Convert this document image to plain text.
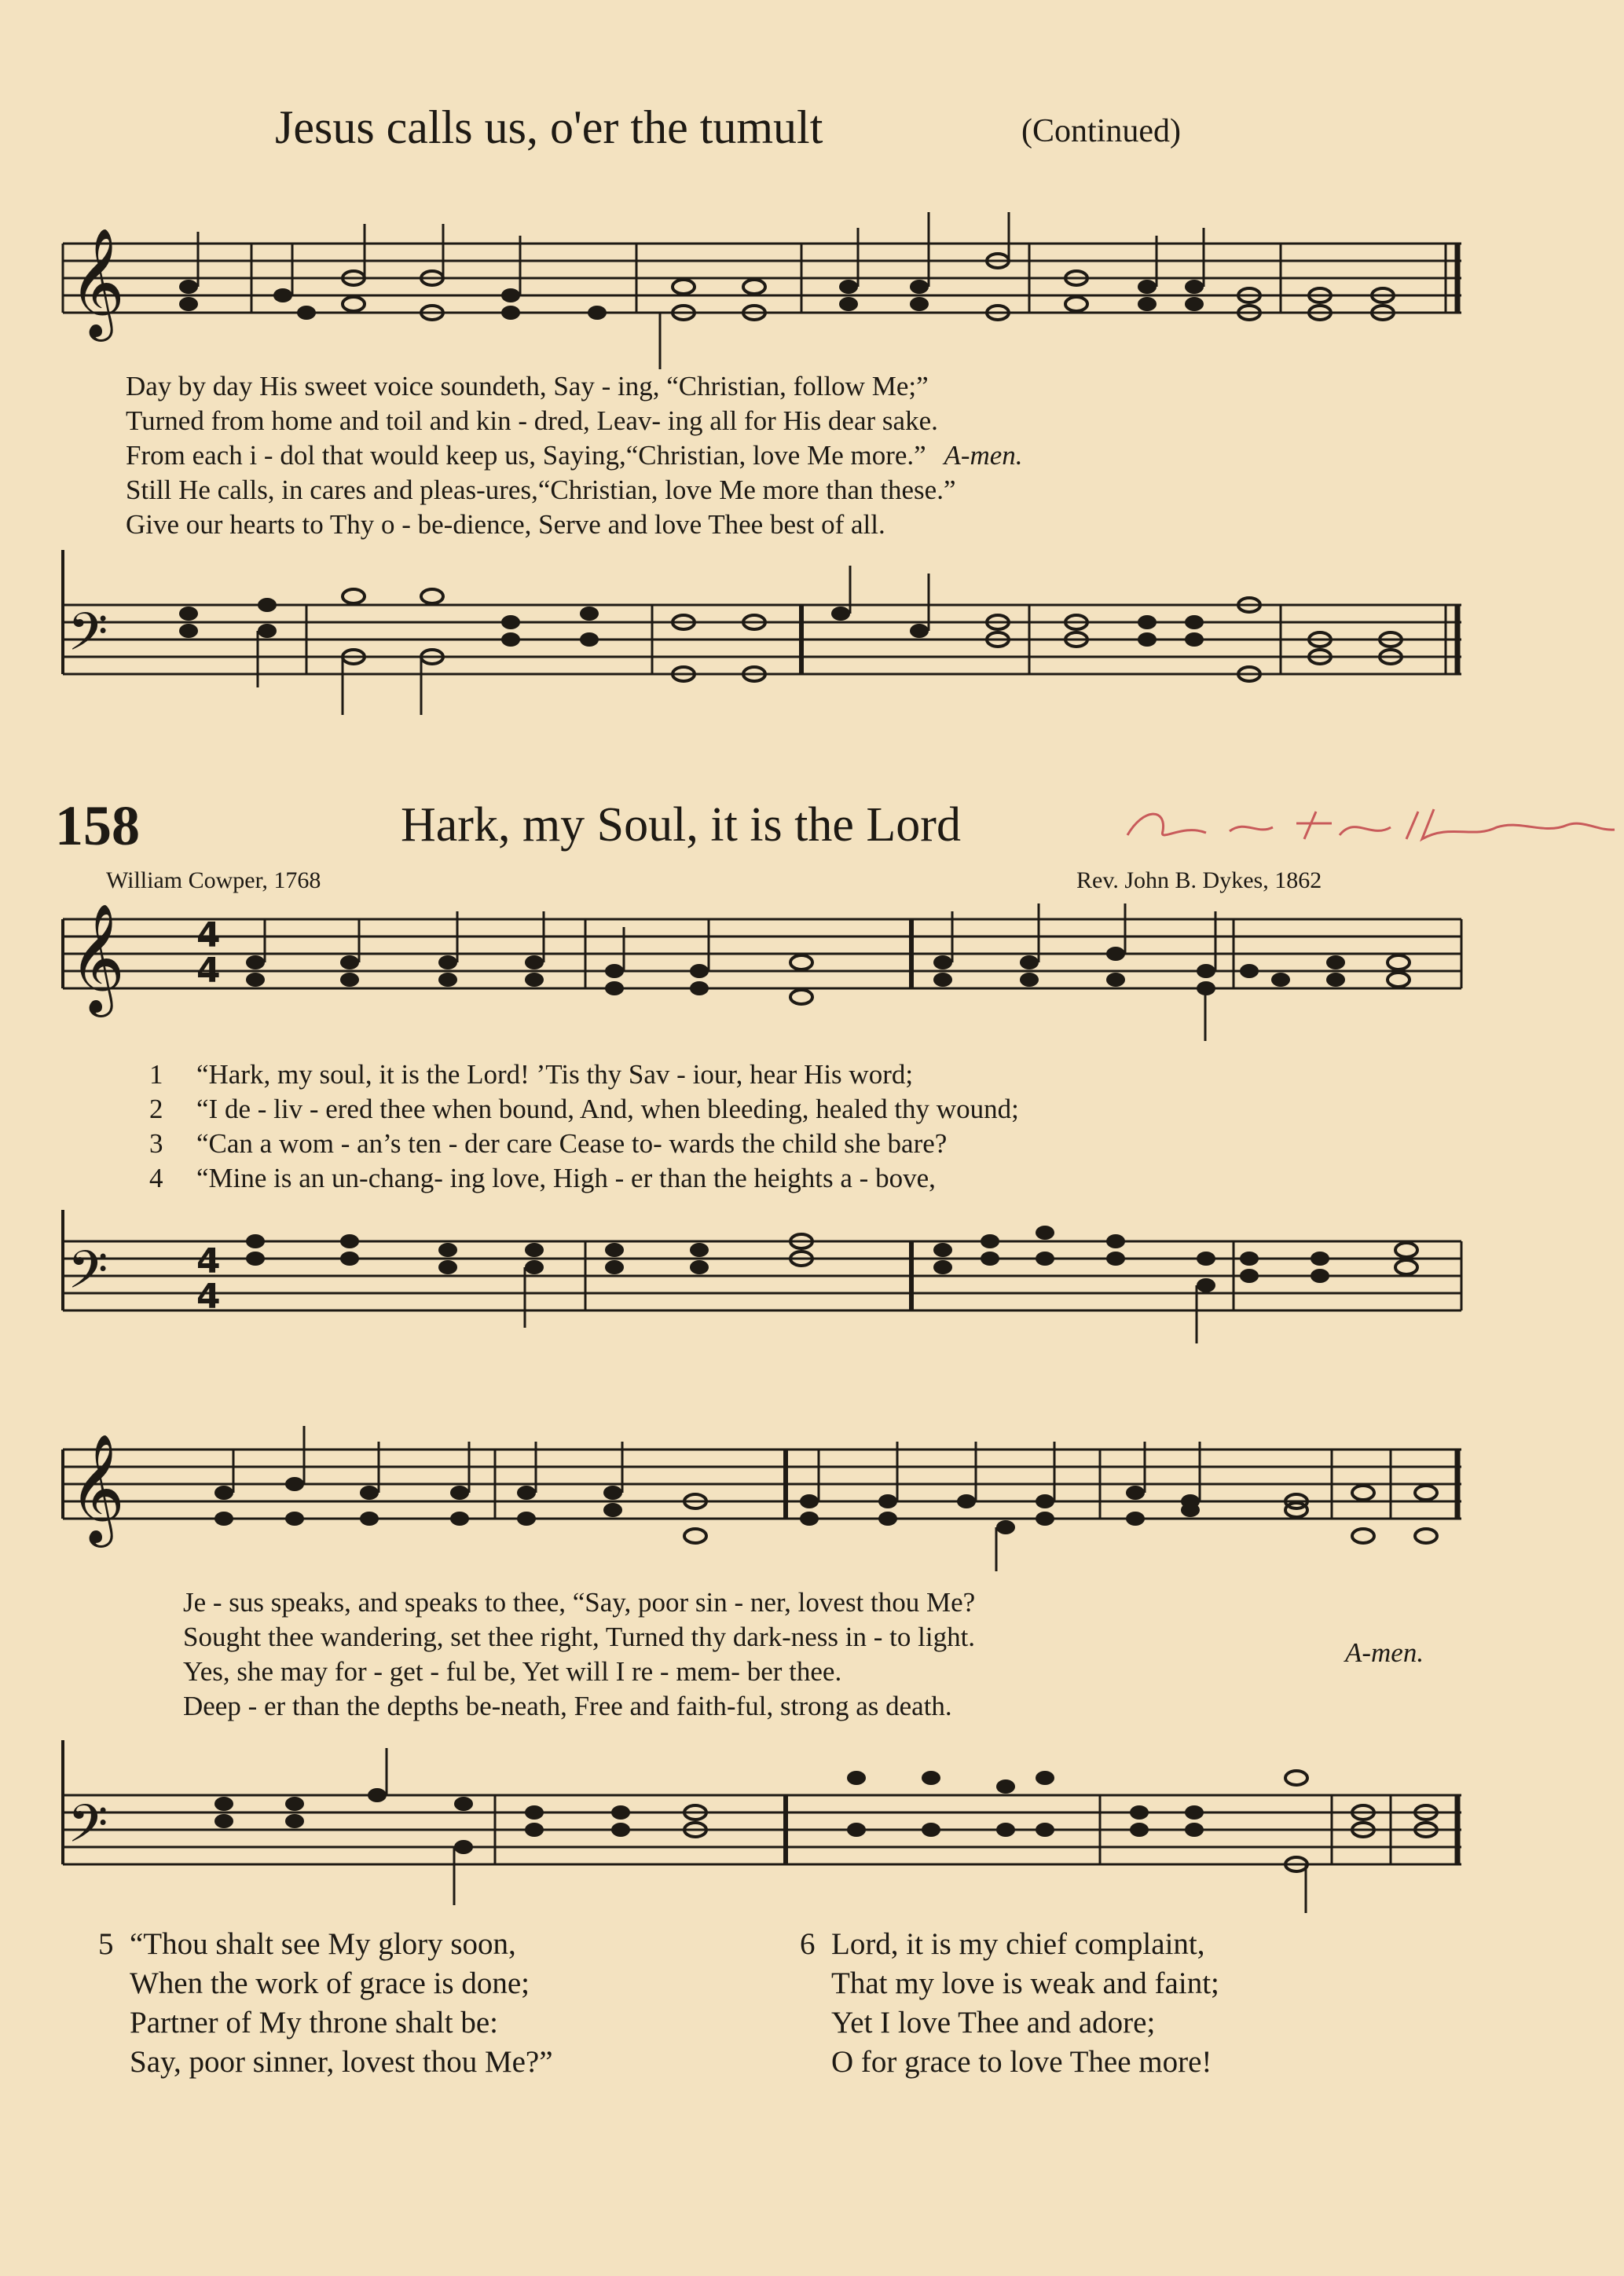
Jesus calls us, o'er the tumult	(Continued)
𝄞
Day by day His sweet voice soundeth, Say - ing, “Christian, follow Me;”
Turned from home and toil and kin - dred, Leav- ing all for His dear sake.
From each i - dol that would keep us, Saying,“Christian, love Me more.” A-men.
Still He calls, in cares and pleas-ures,“Christian, love Me more than these.”
Give our hearts to Thy o - be-dience, Serve and love Thee best of all.
𝄢
158	Hark, my Soul, it is the Lord
William Cowper, 1768	Rev. John B. Dykes, 1862
𝄞 4
4
1 “Hark, my soul, it is the Lord! ’Tis thy Sav - iour, hear His word;
2 “I de - liv - ered thee when bound, And, when bleeding, healed thy wound;
3 “Can a wom - an’s ten - der care Cease to- wards the child she bare?
4 “Mine is an un-chang- ing love, High - er than the heights a - bove,
𝄢	4
4
𝄞
Je - sus speaks, and speaks to thee, “Say, poor sin - ner, lovest thou Me?
Sought thee wandering, set thee right, Turned thy dark-ness in - to light.
Yes, she may for - get - ful be, Yet will I re - mem- ber thee.
Deep - er than the depths be-neath, Free and faith-ful, strong as death.
A-men.
𝄢
5 “Thou shalt see My glory soon,
When the work of grace is done;
Partner of My throne shalt be:
Say, poor sinner, lovest thou Me?”
6 Lord, it is my chief complaint,
That my love is weak and faint;
Yet I love Thee and adore;
O for grace to love Thee more!
